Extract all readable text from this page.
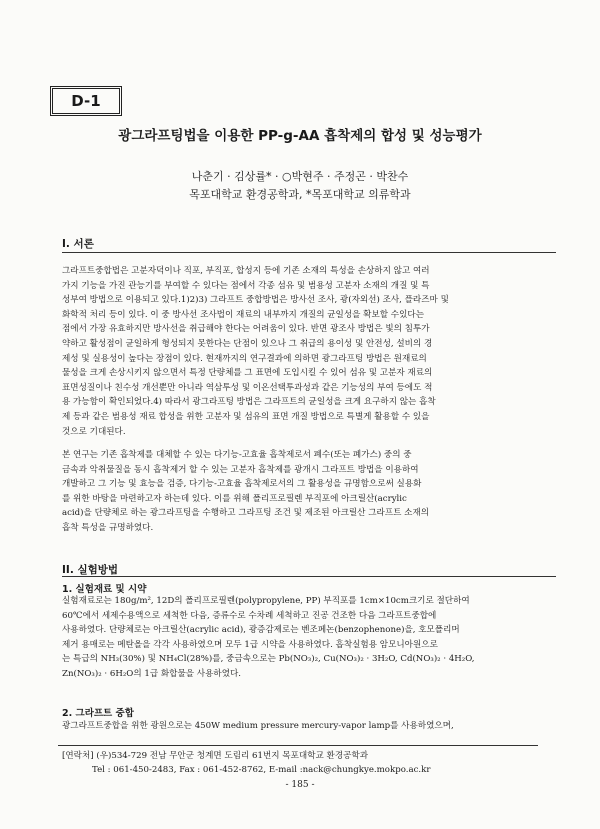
D-1
광그라프팅법을 이용한 PP-g-AA 흡착제의 합성 및 성능평가
나춘기 · 김상률* · ○박현주 · 주정곤 · 박찬수
목포대학교 환경공학과, *목포대학교 의류학과
I. 서론
그라프트중합법은 고분자덕이나 직포, 부직포, 합성지 등에 기존 소재의 특성을 손상하지 않고 여러
가지 기능을 가진 관능기를 부여할 수 있다는 점에서 각종 섬유 및 범용성 고분자 소재의 개질 및 특
성부여 방법으로 이용되고 있다.1)2)3) 그라프트 중합방법은 방사선 조사, 광(자외선) 조사, 플라즈마 및
화학적 처리 등이 있다. 이 중 방사선 조사법이 재료의 내부까지 개질의 균일성을 확보할 수있다는
점에서 가장 유효하지만 방사선을 취급해야 한다는 어려움이 있다. 반면 광조사 방법은 빛의 침투가
약하고 활성점이 균일하게 형성되지 못한다는 단점이 있으나 그 취급의 용이성 및 안전성, 설비의 경
제성 및 실용성이 높다는 장점이 있다. 현재까지의 연구결과에 의하면 광그라프팅 방법은 원재료의
물성을 크게 손상시키지 않으면서 특정 단량체를 그 표면에 도입시킬 수 있어 섬유 및 고분자 재료의
표면성질이나 친수성 개선뿐만 아니라 역삼투성 및 이온선택투과성과 같은 기능성의 부여 등에도 적
용 가능함이 확인되었다.4) 따라서 광그라프팅 방법은 그라프트의 균일성을 크게 요구하지 않는 흡착
제 등과 같은 범용성 재료 합성을 위한 고분자 및 섬유의 표면 개질 방법으로 특별게 활용할 수 있을
것으로 기대된다.
본 연구는 기존 흡착제를 대체할 수 있는 다기능-고효율 흡착제로서 폐수(또는 폐가스) 중의 중
금속과 악취물질을 동시 흡착제거 할 수 있는 고분자 흡착제를 광개시 그라프트 방법을 이용하여
개발하고 그 기능 및 효능을 검증, 다기능-고효율 흡착제로서의 그 활용성을 규명함으로써 실용화
를 위한 바탕을 마련하고자 하는데 있다. 이를 위해 폴리프로필렌 부직포에 아크릴산(acrylic
acid)을 단량체로 하는 광그라프팅을 수행하고 그라프팅 조건 및 제조된 아크릴산 그라프트 소재의
흡착 특성을 규명하였다.
II. 실험방법
1. 실험재료 및 시약
실험재료로는 180g/m², 12D의 폴리프로필렌(polypropylene, PP) 부직포를 1cm×10cm크기로 절단하여
60℃에서 세제수용액으로 세척한 다음, 증류수로 수차례 세척하고 진공 건조한 다음 그라프트중합에
사용하였다. 단량체로는 아크릴산(acrylic acid), 광증감제로는 벤조페논(benzophenone)을, 호모폴리머
제거 용매로는 메탄올을 각각 사용하였으며 모두 1급 시약을 사용하였다. 흡착실험용 암모니아원으로
는 특급의 NH₃(30%) 및 NH₄Cl(28%)를, 중금속으로는 Pb(NO₃)₂, Cu(NO₃)₂ · 3H₂O, Cd(NO₃)₂ · 4H₂O,
Zn(NO₃)₂ · 6H₂O의 1급 화합물을 사용하였다.
2. 그라프트 중합
광그라프트중합을 위한 광원으로는 450W medium pressure mercury-vapor lamp를 사용하였으며,
[연락처] (우)534-729 전남 무안군 청계면 도림리 61번지 목포대학교 환경공학과
Tel : 061-450-2483, Fax : 061-452-8762, E-mail :nack@chungkye.mokpo.ac.kr
- 185 -
